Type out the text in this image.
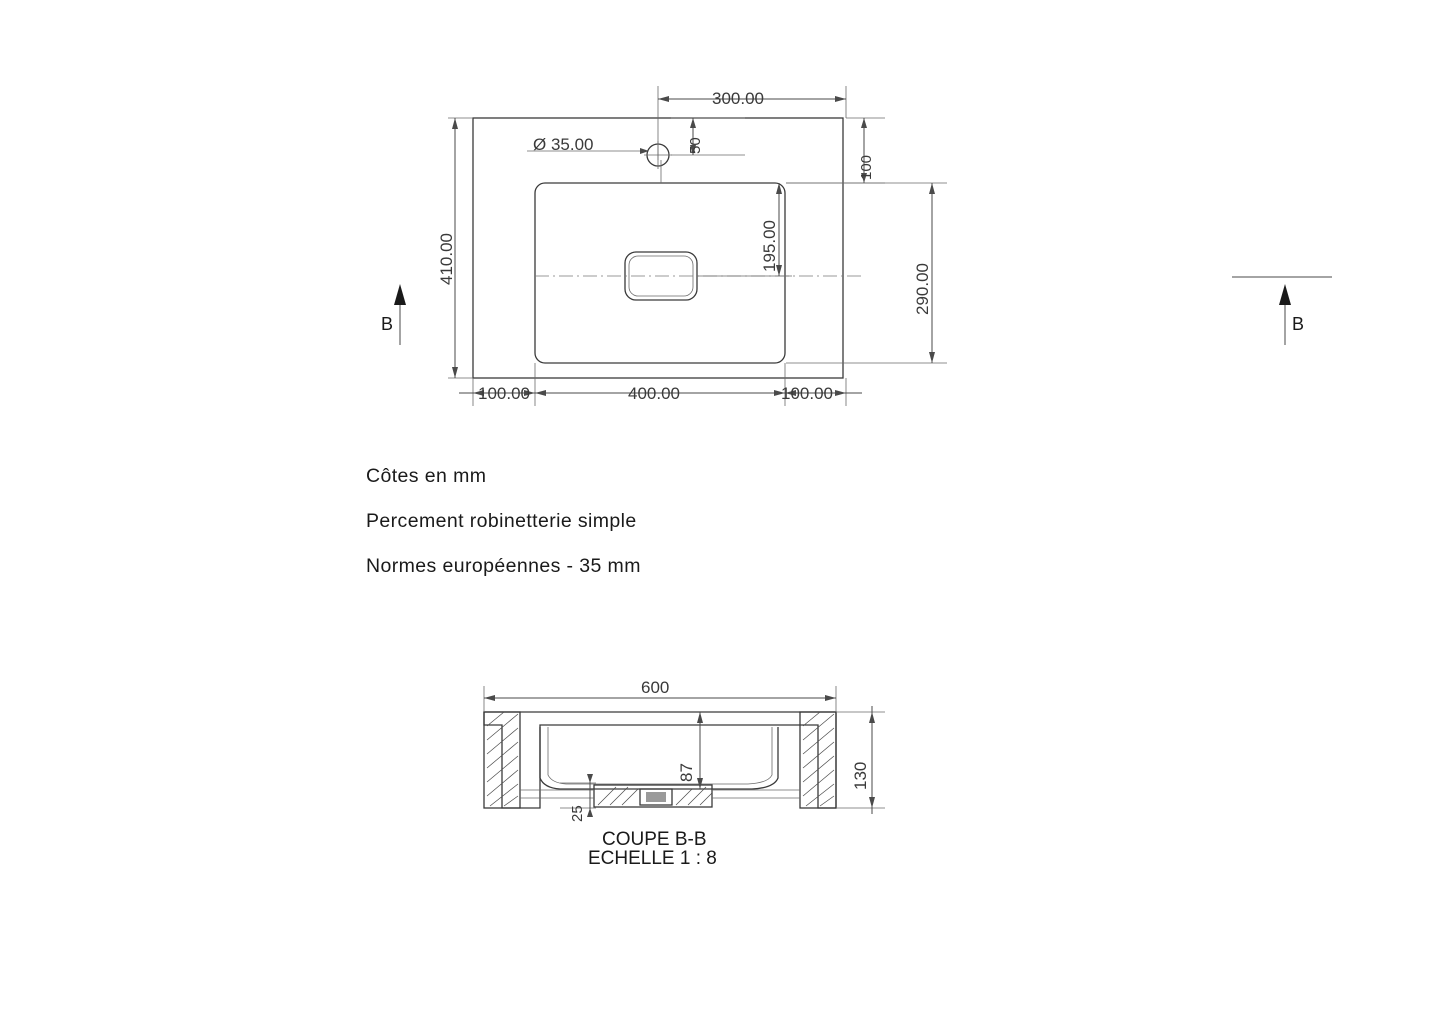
Ø 35.00
300.00
50
100
290.00
195.00
410.00
100.00	400.00	100.00
B	B
600
87
25
130
COUPE B-B
ECHELLE 1 : 8
Côtes en mm
Percement robinetterie simple
Normes européennes - 35 mm
